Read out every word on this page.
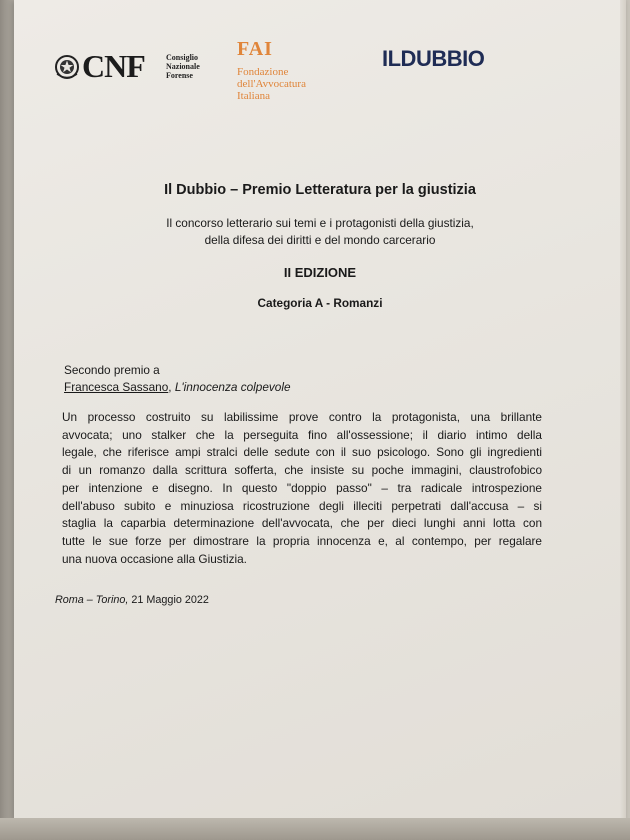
CNF	Consiglio
Nazionale
Forense
FAI
Fondazione
dell'Avvocatura
Italiana
ILDUBBIO
Il Dubbio – Premio Letteratura per la giustizia
Il concorso letterario sui temi e i protagonisti della giustizia,
della difesa dei diritti e del mondo carcerario
II EDIZIONE
Categoria A - Romanzi
Secondo premio a
Francesca Sassano, L'innocenza colpevole
Un processo costruito su labilissime prove contro la protagonista, una brillante
avvocata; uno stalker che la perseguita fino all'ossessione; il diario intimo della
legale, che riferisce ampi stralci delle sedute con il suo psicologo. Sono gli ingredienti
di un romanzo dalla scrittura sofferta, che insiste su poche immagini, claustrofobico
per intenzione e disegno. In questo "doppio passo" – tra radicale introspezione
dell'abuso subito e minuziosa ricostruzione degli illeciti perpetrati dall'accusa – si
staglia la caparbia determinazione dell'avvocata, che per dieci lunghi anni lotta con
tutte le sue forze per dimostrare la propria innocenza e, al contempo, per regalare
una nuova occasione alla Giustizia.
Roma – Torino, 21 Maggio 2022
